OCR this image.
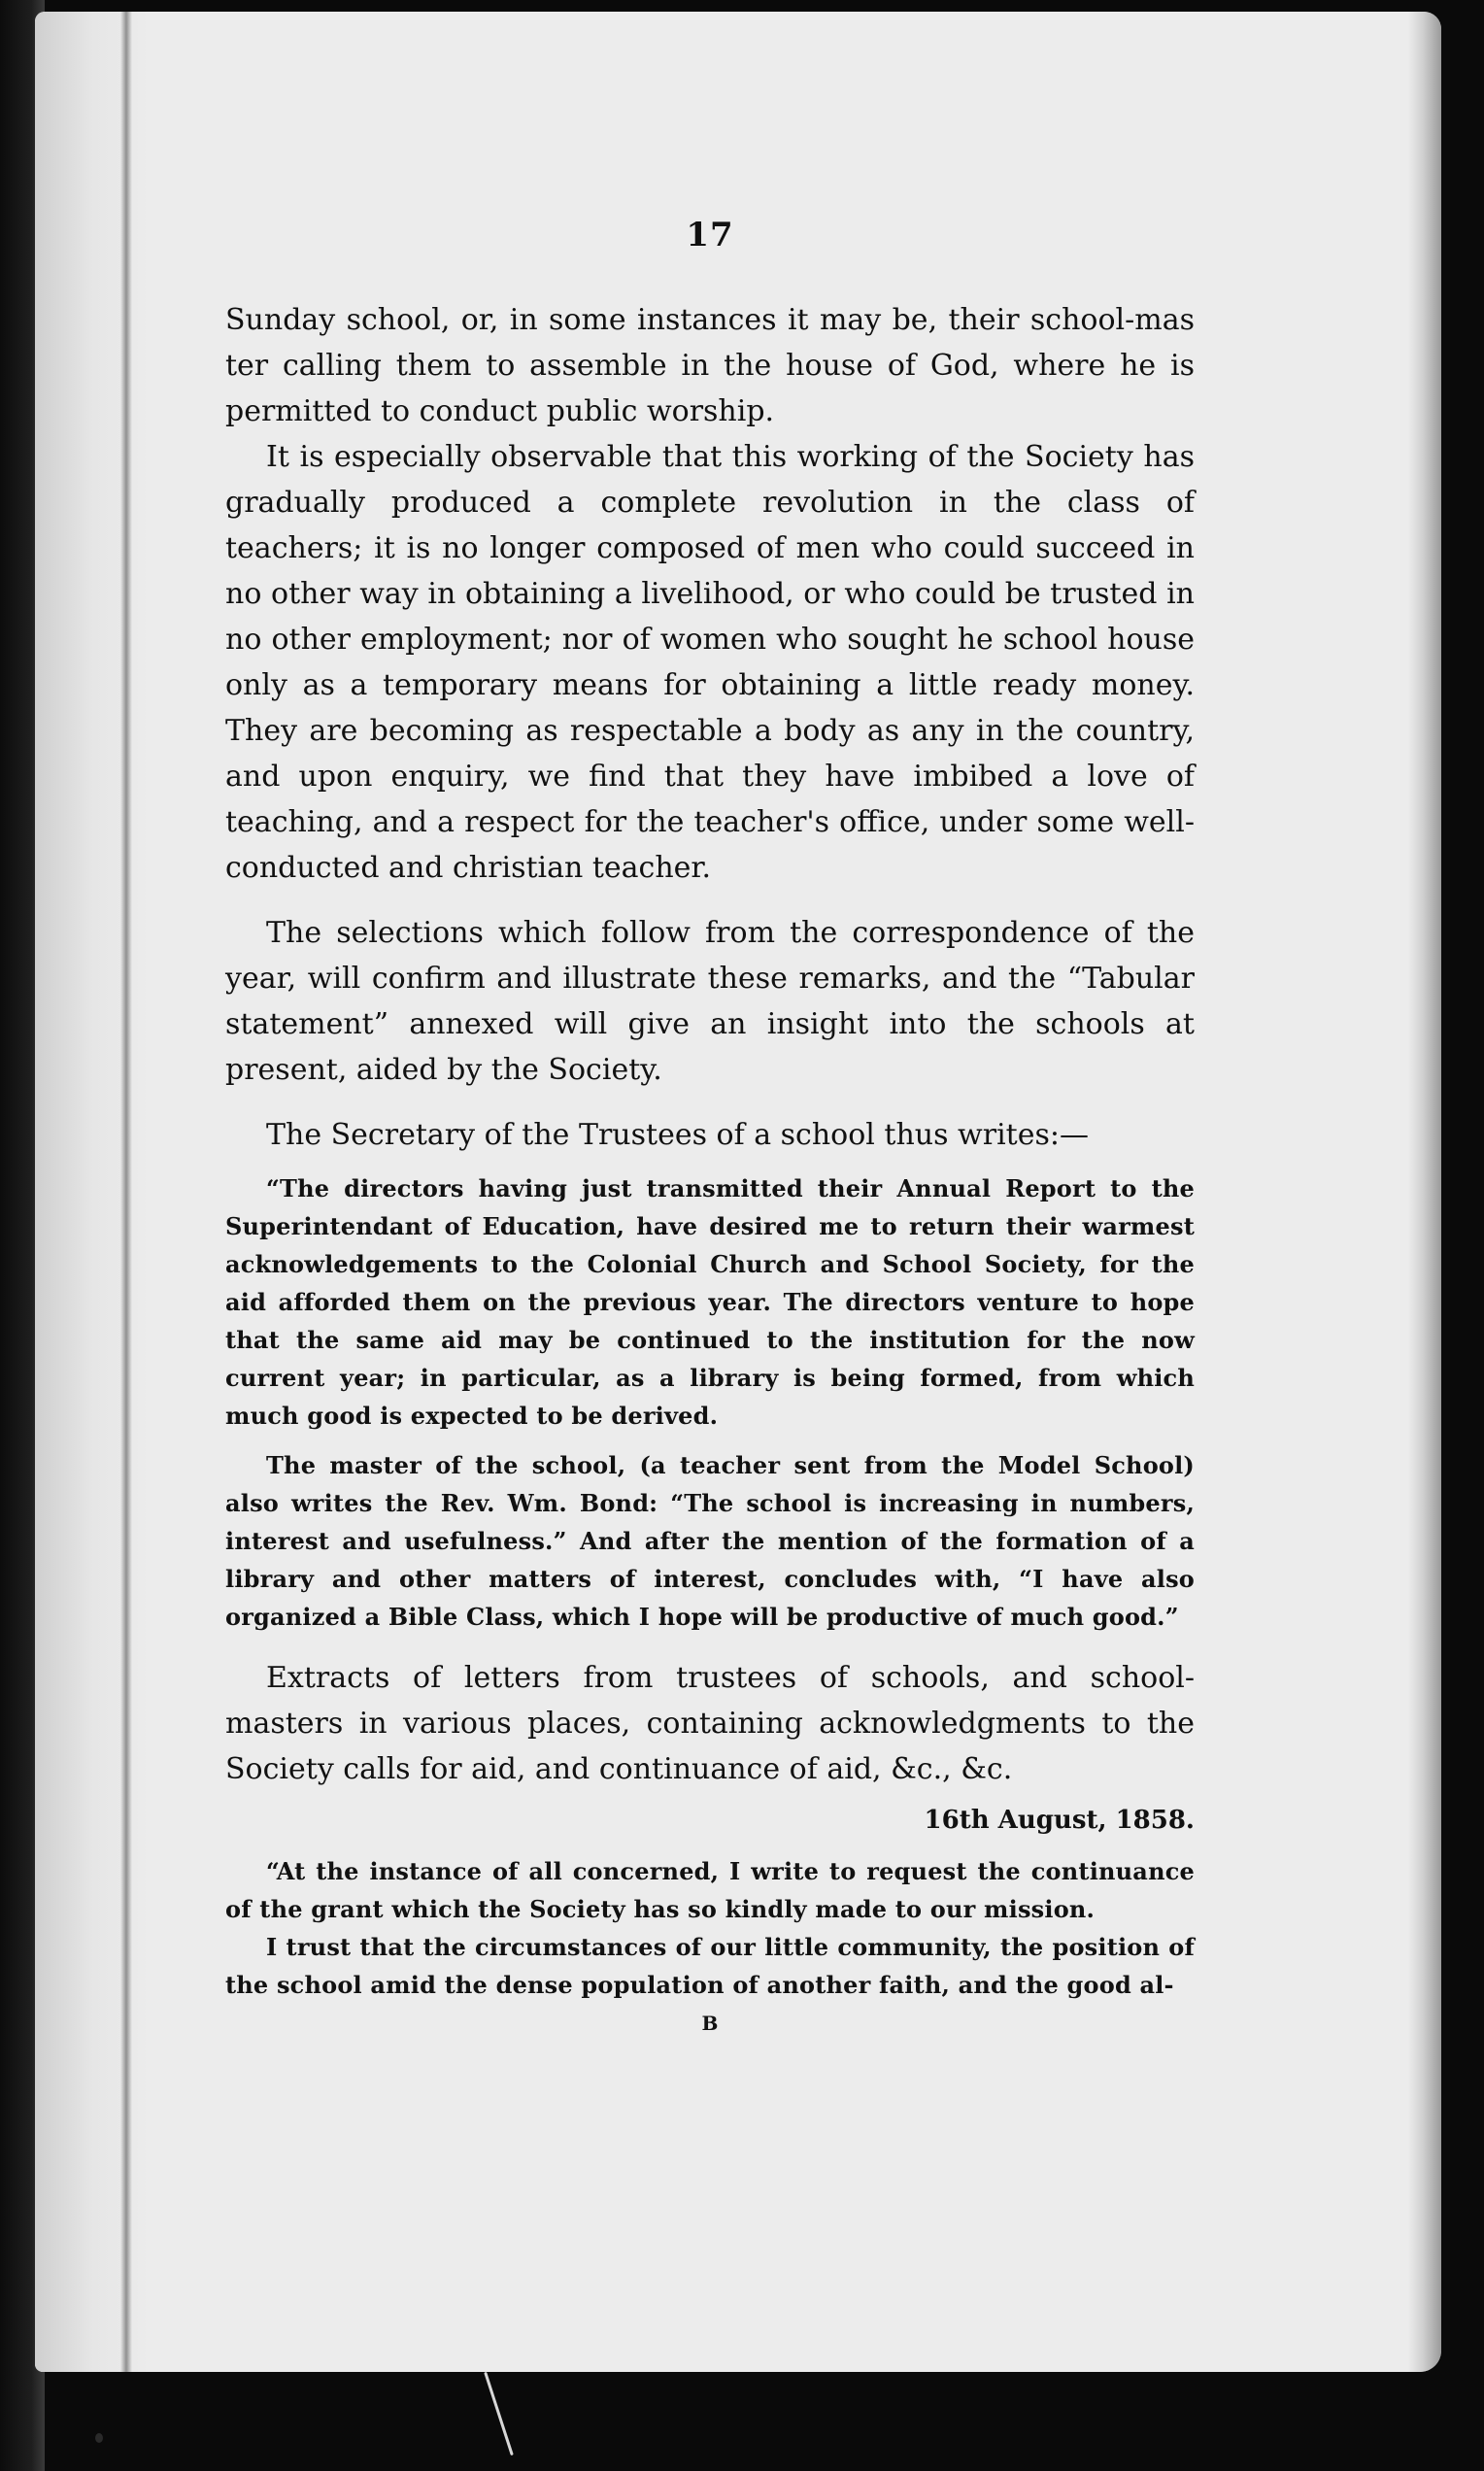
17

Sunday school, or, in some instances it may be, their school-mas ter calling them to assemble in the house of God, where he is permitted to conduct public worship.

It is especially observable that this working of the Society has gradually produced a complete revolution in the class of teachers; it is no longer composed of men who could succeed in no other way in obtaining a livelihood, or who could be trusted in no other employment; nor of women who sought he school house only as a temporary means for obtaining a little ready money. They are becoming as respectable a body as any in the country, and upon enquiry, we find that they have imbibed a love of teaching, and a respect for the teacher's office, under some well-conducted and christian teacher.

The selections which follow from the correspondence of the year, will confirm and illustrate these remarks, and the “Tabular statement” annexed will give an insight into the schools at present, aided by the Society.

The Secretary of the Trustees of a school thus writes:—

“The directors having just transmitted their Annual Report to the Superintendant of Education, have desired me to return their warmest acknowledgements to the Colonial Church and School Society, for the aid afforded them on the previous year. The directors venture to hope that the same aid may be continued to the institution for the now current year; in particular, as a library is being formed, from which much good is expected to be derived.

The master of the school, (a teacher sent from the Model School) also writes the Rev. Wm. Bond: “The school is increasing in numbers, interest and usefulness.” And after the mention of the formation of a library and other matters of interest, concludes with, “I have also organized a Bible Class, which I hope will be productive of much good.”

Extracts of letters from trustees of schools, and school-masters in various places, containing acknowledgments to the Society calls for aid, and continuance of aid, &c., &c.

16th August, 1858.

“At the instance of all concerned, I write to request the continuance of the grant which the Society has so kindly made to our mission.

I trust that the circumstances of our little community, the position of the school amid the dense population of another faith, and the good al-

B
